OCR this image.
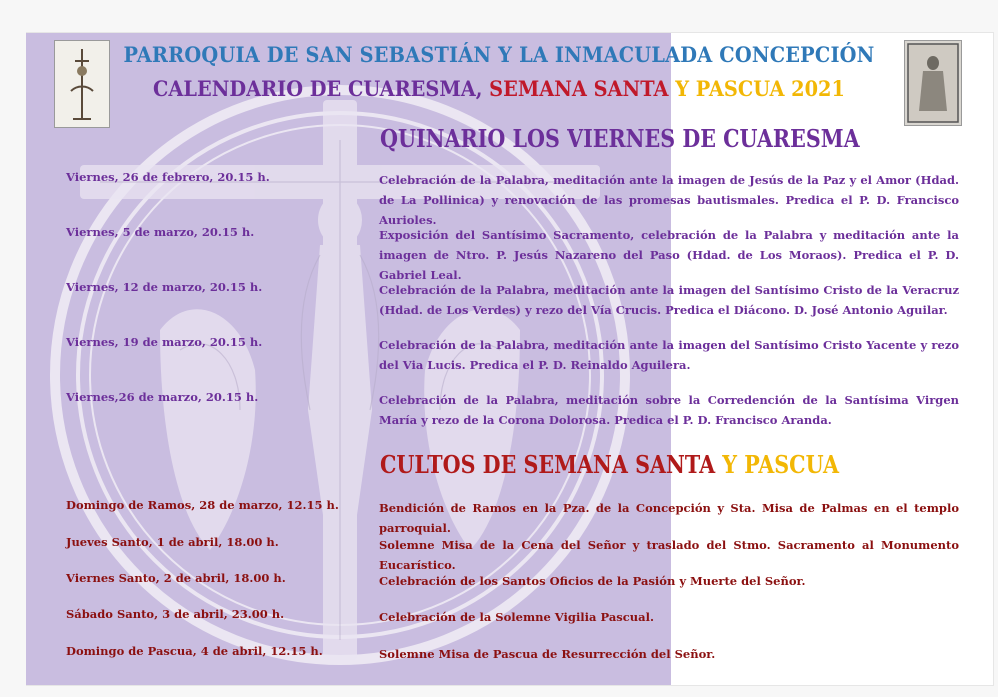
PARROQUIA DE SAN SEBASTIÁN Y LA INMACULADA CONCEPCIÓN
CALENDARIO DE CUARESMA, SEMANA SANTA Y PASCUA 2021
QUINARIO LOS VIERNES DE CUARESMA
Viernes, 26 de febrero, 20.15 h.	Celebración de la Palabra, meditación ante la imagen de Jesús de la Paz y el Amor (Hdad. de La Pollinica) y renovación de las promesas bautismales. Predica el P. D. Francisco Aurioles.
Viernes, 5 de marzo, 20.15 h.	Exposición del Santísimo Sacramento, celebración de la Palabra y meditación ante la imagen de Ntro. P. Jesús Nazareno del Paso (Hdad. de Los Moraos). Predica el P. D. Gabriel Leal.
Viernes, 12 de marzo, 20.15 h.	Celebración de la Palabra, meditación ante la imagen del Santísimo Cristo de la Veracruz (Hdad. de Los Verdes) y rezo del Vía Crucis. Predica el Diácono. D. José Antonio Aguilar.
Viernes, 19 de marzo, 20.15 h.	Celebración de la Palabra, meditación ante la imagen del Santísimo Cristo Yacente y rezo del Via Lucis. Predica el P. D. Reinaldo Aguilera.
Viernes,26 de marzo, 20.15 h.	Celebración de la Palabra, meditación sobre la Corredención de la Santísima Virgen María y rezo de la Corona Dolorosa. Predica el P. D. Francisco Aranda.
CULTOS DE SEMANA SANTA Y PASCUA
Domingo de Ramos, 28 de marzo, 12.15 h.	Bendición de Ramos en la Pza. de la Concepción y Sta. Misa de Palmas en el templo parroquial.
Jueves Santo, 1 de abril, 18.00 h.	Solemne Misa de la Cena del Señor y traslado del Stmo. Sacramento al Monumento Eucarístico.
Viernes Santo, 2 de abril, 18.00 h.	Celebración de los Santos Oficios de la Pasión y Muerte del Señor.
Sábado Santo, 3 de abril, 23.00 h.	Celebración de la Solemne Vigilia Pascual.
Domingo de Pascua, 4 de abril, 12.15 h.	Solemne Misa de Pascua de Resurrección del Señor.
